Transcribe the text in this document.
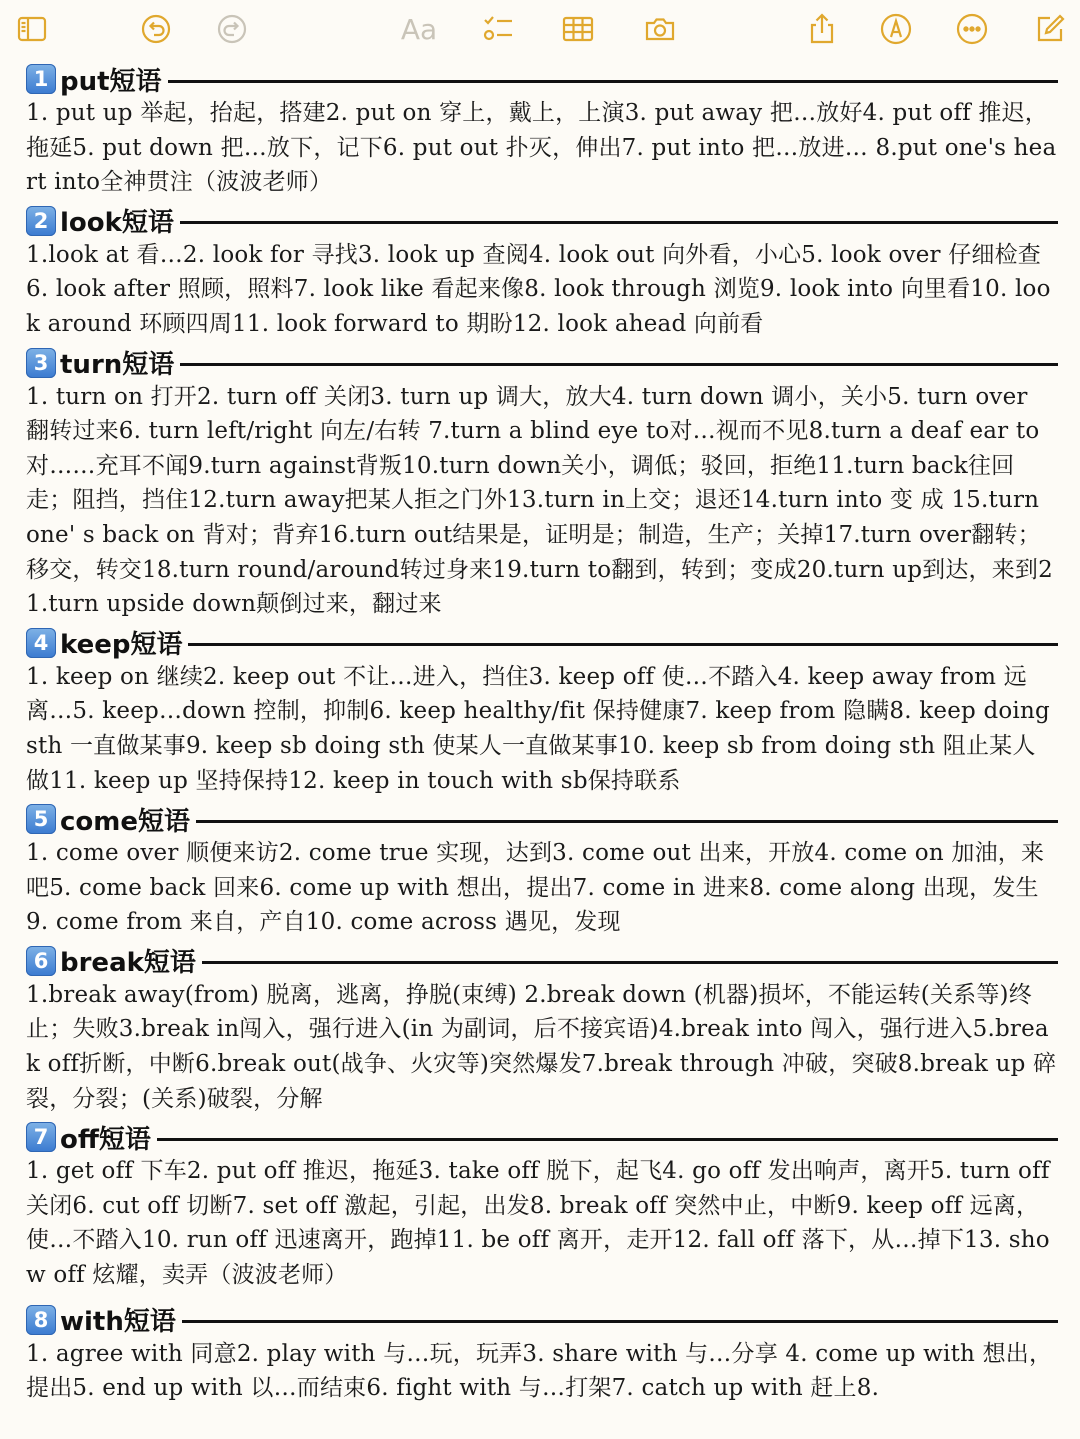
Aa
1 put短语
1. put up 举起，抬起，搭建2. put on 穿上，戴上，上演3. put away 把…放好4. put off 推迟，拖延5. put down 把…放下，记下6. put out 扑灭，伸出7. put into 把…放进… 8.put one's heart into全神贯注（波波老师）
2 look短语
1.look at 看…2. look for 寻找3. look up 查阅4. look out 向外看，小心5. look over 仔细检查6. look after 照顾，照料7. look like 看起来像8. look through 浏览9. look into 向里看10. look around 环顾四周11. look forward to 期盼12. look ahead 向前看
3 turn短语
1. turn on 打开2. turn off 关闭3. turn up 调大，放大4. turn down 调小，关小5. turn over 翻转过来6. turn left/right 向左/右转 7.turn a blind eye to对…视而不见8.turn a deaf ear to对……充耳不闻9.turn against背叛10.turn down关小，调低；驳回，拒绝11.turn back往回走；阻挡，挡住12.turn away把某人拒之门外13.turn in上交；退还14.turn into 变 成 15.turn one' s back on 背对；背弃16.turn out结果是，证明是；制造，生产；关掉17.turn over翻转；移交，转交18.turn round/around转过身来19.turn to翻到，转到；变成20.turn up到达，来到21.turn upside down颠倒过来，翻过来
4 keep短语
1. keep on 继续2. keep out 不让…进入，挡住3. keep off 使…不踏入4. keep away from 远离…5. keep…down 控制，抑制6. keep healthy/fit 保持健康7. keep from 隐瞒8. keep doing sth 一直做某事9. keep sb doing sth 使某人一直做某事10. keep sb from doing sth 阻止某人做11. keep up 坚持保持12. keep in touch with sb保持联系
5 come短语
1. come over 顺便来访2. come true 实现，达到3. come out 出来，开放4. come on 加油，来吧5. come back 回来6. come up with 想出，提出7. come in 进来8. come along 出现，发生9. come from 来自，产自10. come across 遇见，发现
6 break短语
1.break away(from) 脱离，逃离，挣脱(束缚) 2.break down (机器)损坏，不能运转(关系等)终止；失败3.break in闯入，强行进入(in 为副词，后不接宾语)4.break into 闯入，强行进入5.break off折断，中断6.break out(战争、火灾等)突然爆发7.break through 冲破，突破8.break up 碎裂，分裂；(关系)破裂，分解
7 off短语
1. get off 下车2. put off 推迟，拖延3. take off 脱下，起飞4. go off 发出响声，离开5. turn off 关闭6. cut off 切断7. set off 激起，引起，出发8. break off 突然中止，中断9. keep off 远离，使…不踏入10. run off 迅速离开，跑掉11. be off 离开，走开12. fall off 落下，从…掉下13. show off 炫耀，卖弄（波波老师）
8 with短语
1. agree with 同意2. play with 与…玩，玩弄3. share with 与…分享 4. come up with 想出，提出5. end up with 以…而结束6. fight with 与…打架7. catch up with 赶上8.
